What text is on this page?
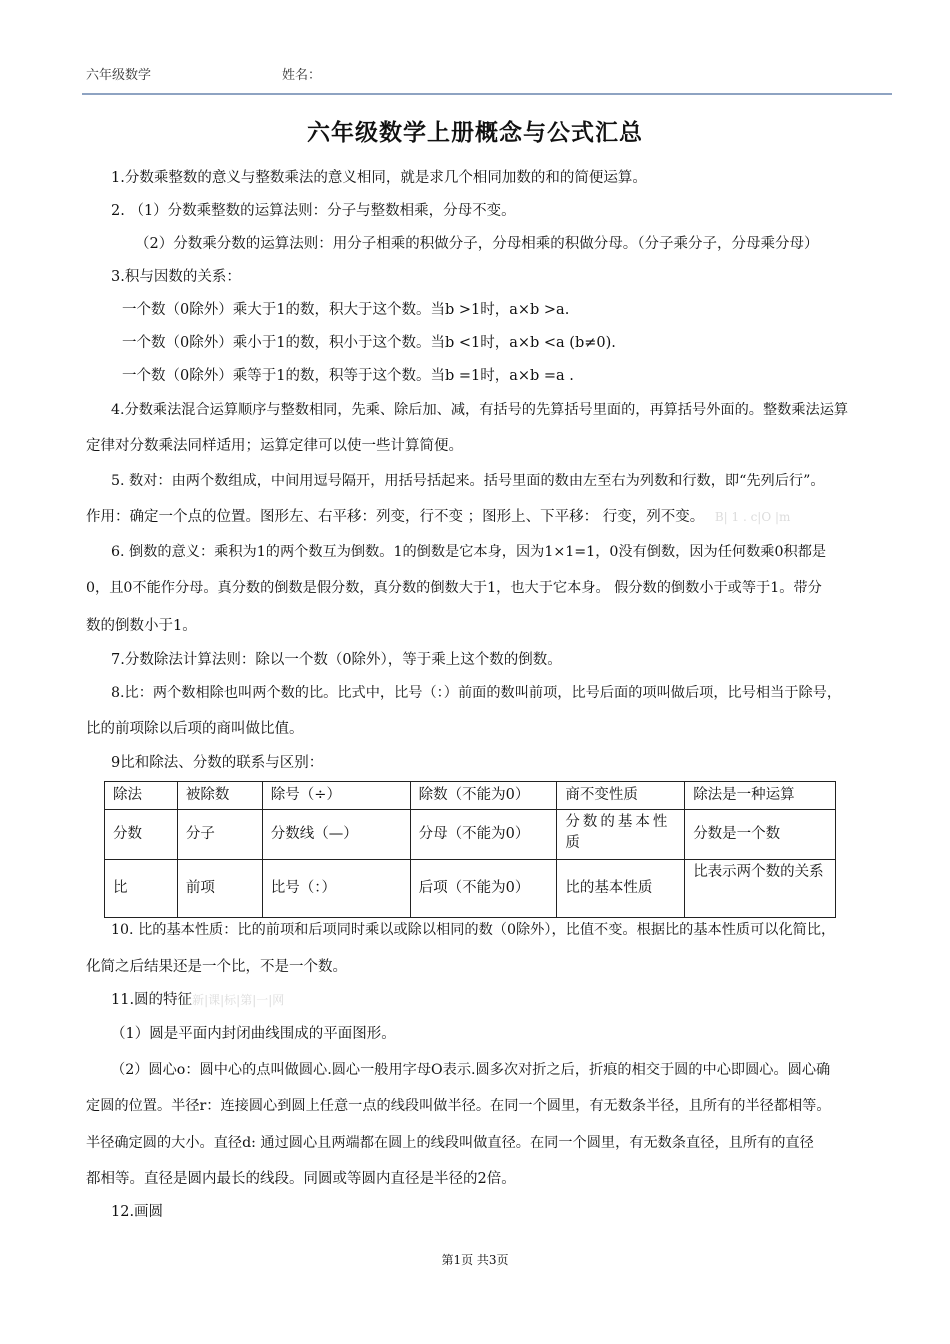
六年级数学	姓名：
六年级数学上册概念与公式汇总
1.分数乘整数的意义与整数乘法的意义相同，就是求几个相同加数的和的简便运算。
2. （1）分数乘整数的运算法则：分子与整数相乘，分母不变。
（2）分数乘分数的运算法则：用分子相乘的积做分子，分母相乘的积做分母。（分子乘分子，分母乘分母）
3.积与因数的关系：
一个数（0除外）乘大于1的数，积大于这个数。当b >1时，a×b >a.
一个数（0除外）乘小于1的数，积小于这个数。当b <1时，a×b <a (b≠0).
一个数（0除外）乘等于1的数，积等于这个数。当b =1时，a×b =a .
4.分数乘法混合运算顺序与整数相同，先乘、除后加、减，有括号的先算括号里面的，再算括号外面的。整数乘法运算
定律对分数乘法同样适用；运算定律可以使一些计算简便。
5. 数对：由两个数组成，中间用逗号隔开，用括号括起来。括号里面的数由左至右为列数和行数，即“先列后行”。
作用：确定一个点的位置。图形左、右平移：列变，行不变 ；图形上、下平移： 行变，列不变。 B| 1 . c|O |m
6. 倒数的意义：乘积为1的两个数互为倒数。1的倒数是它本身，因为1×1=1，0没有倒数，因为任何数乘0积都是
0，且0不能作分母。真分数的倒数是假分数，真分数的倒数大于1，也大于它本身。 假分数的倒数小于或等于1。带分
数的倒数小于1。
7.分数除法计算法则：除以一个数（0除外），等于乘上这个数的倒数。
8.比：两个数相除也叫两个数的比。比式中，比号（：）前面的数叫前项，比号后面的项叫做后项，比号相当于除号，
比的前项除以后项的商叫做比值。
9比和除法、分数的联系与区别：
除法	被除数	除号（÷）	除数（不能为0）	商不变性质	除法是一种运算
分数	分子	分数线（—）	分母（不能为0）	分数的基本性质	分数是一个数
比	前项	比号（：）	后项（不能为0）	比的基本性质	比表示两个数的关系
10. 比的基本性质：比的前项和后项同时乘以或除以相同的数（0除外），比值不变。根据比的基本性质可以化简比，
化简之后结果还是一个比，不是一个数。
11.圆的特征新|课|标|第|一|网
（1）圆是平面内封闭曲线围成的平面图形。
（2）圆心o：圆中心的点叫做圆心.圆心一般用字母O表示.圆多次对折之后，折痕的相交于圆的中心即圆心。圆心确
定圆的位置。半径r：连接圆心到圆上任意一点的线段叫做半径。在同一个圆里，有无数条半径，且所有的半径都相等。
半径确定圆的大小。直径d: 通过圆心且两端都在圆上的线段叫做直径。在同一个圆里，有无数条直径，且所有的直径
都相等。直径是圆内最长的线段。同圆或等圆内直径是半径的2倍。
12.画圆
第1页 共3页
